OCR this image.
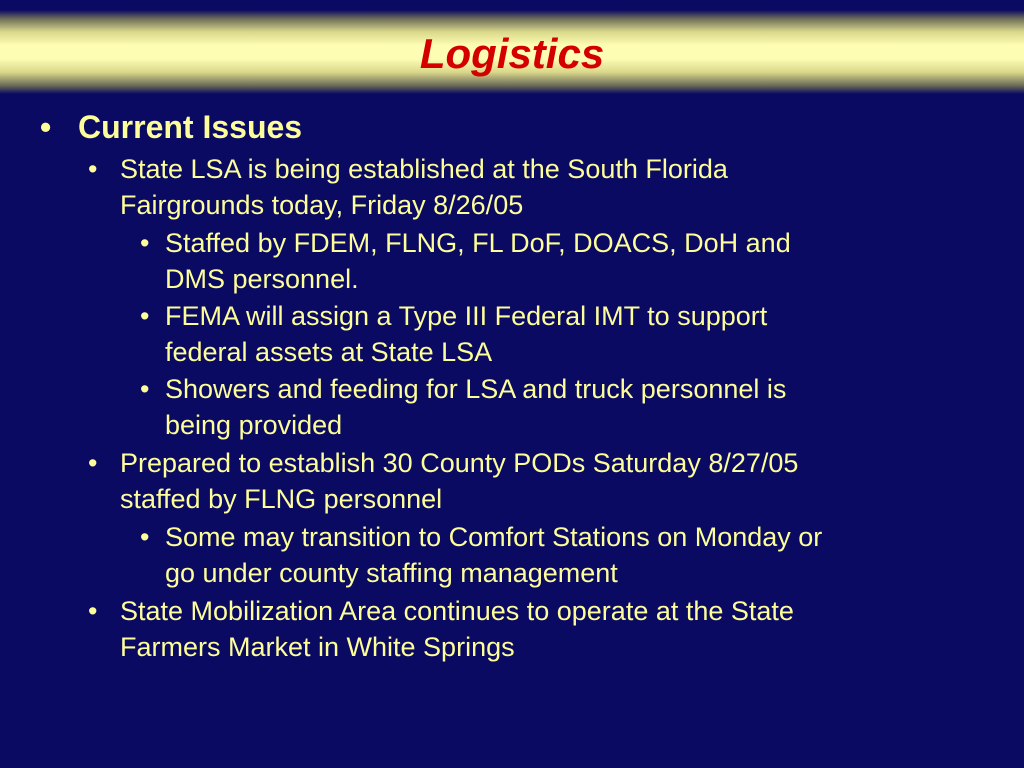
Logistics
• Current Issues
• State LSA is being established at the South Florida
Fairgrounds today, Friday 8/26/05
• Staffed by FDEM, FLNG, FL DoF, DOACS, DoH and
DMS personnel.
• FEMA will assign a Type III Federal IMT to support
federal assets at State LSA
• Showers and feeding for LSA and truck personnel is
being provided
• Prepared to establish 30 County PODs Saturday 8/27/05
staffed by FLNG personnel
• Some may transition to Comfort Stations on Monday or
go under county staffing management
• State Mobilization Area continues to operate at the State
Farmers Market in White Springs
